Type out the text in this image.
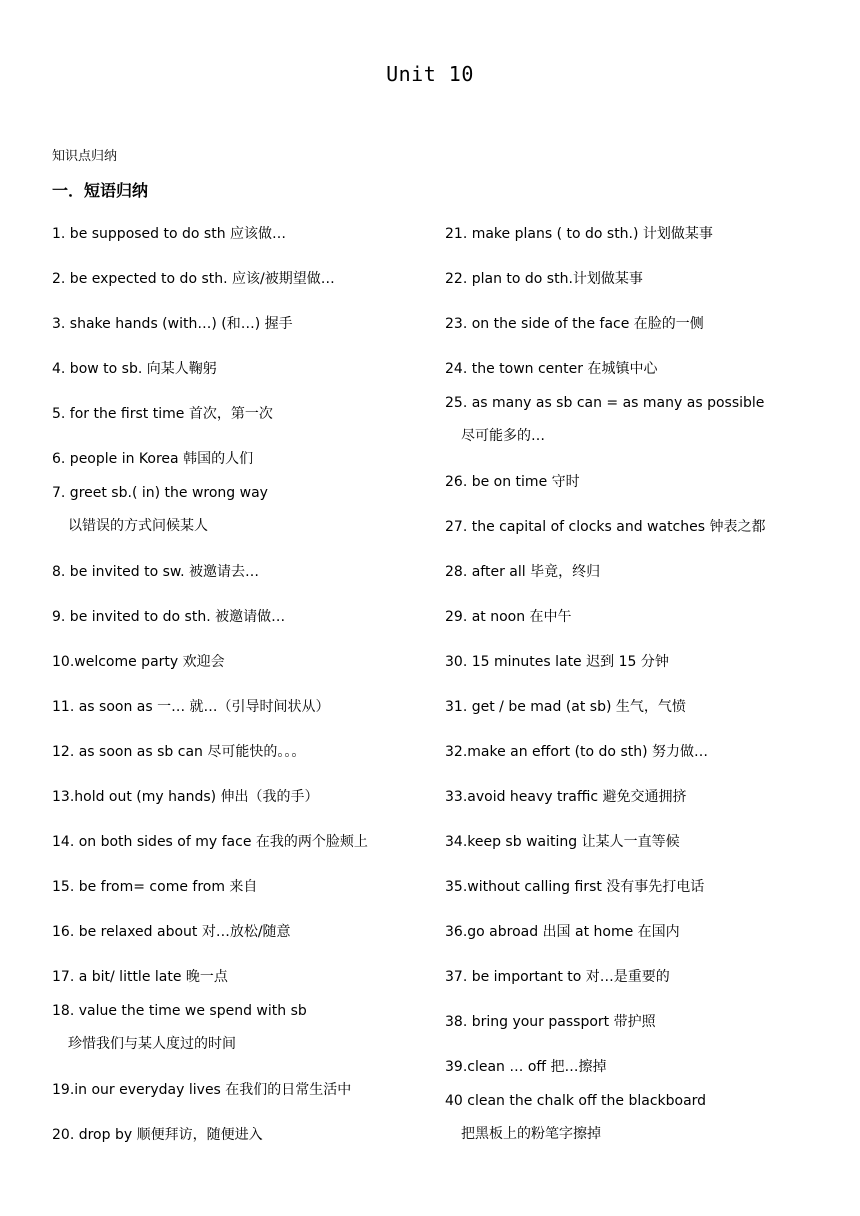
Unit 10
知识点归纳
一．短语归纳
1. be supposed to do sth 应该做…
2. be expected to do sth. 应该/被期望做…
3. shake hands (with…) (和…) 握手
4. bow to sb. 向某人鞠躬
5. for the first time 首次，第一次
6. people in Korea 韩国的人们
7. greet sb.( in) the wrong way
以错误的方式问候某人
8. be invited to sw. 被邀请去…
9. be invited to do sth. 被邀请做…
10.welcome party 欢迎会
11. as soon as 一… 就…（引导时间状从）
12. as soon as sb can 尽可能快的。。。
13.hold out (my hands) 伸出（我的手）
14. on both sides of my face 在我的两个脸颊上
15. be from= come from 来自
16. be relaxed about 对…放松/随意
17. a bit/ little late 晚一点
18. value the time we spend with sb
珍惜我们与某人度过的时间
19.in our everyday lives 在我们的日常生活中
20. drop by 顺便拜访，随便进入
21. make plans ( to do sth.) 计划做某事
22. plan to do sth.计划做某事
23. on the side of the face 在脸的一侧
24. the town center 在城镇中心
25. as many as sb can = as many as possible
尽可能多的…
26. be on time 守时
27. the capital of clocks and watches 钟表之都
28. after all 毕竟，终归
29. at noon 在中午
30. 15 minutes late 迟到 15 分钟
31. get / be mad (at sb) 生气，气愤
32.make an effort (to do sth) 努力做…
33.avoid heavy traffic 避免交通拥挤
34.keep sb waiting 让某人一直等候
35.without calling first 没有事先打电话
36.go abroad 出国 at home 在国内
37. be important to 对…是重要的
38. bring your passport 带护照
39.clean … off 把…擦掉
40 clean the chalk off the blackboard
把黑板上的粉笔字擦掉
